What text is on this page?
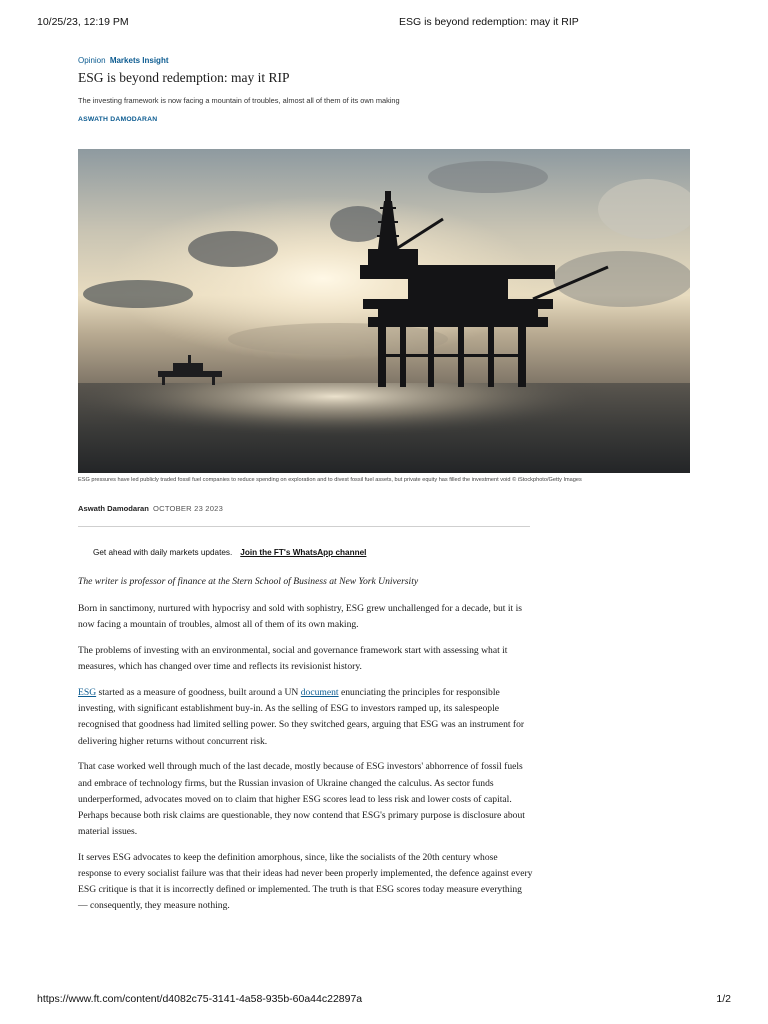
10/25/23, 12:19 PM	ESG is beyond redemption: may it RIP
Opinion Markets Insight
ESG is beyond redemption: may it RIP
The investing framework is now facing a mountain of troubles, almost all of them of its own making
ASWATH DAMODARAN
ESG pressures have led publicly traded fossil fuel companies to reduce spending on exploration and to divest fossil fuel assets, but private equity has filled the investment void © iStockphoto/Getty Images
Aswath Damodaran OCTOBER 23 2023
Get ahead with daily markets updates. Join the FT's WhatsApp channel

The writer is professor of finance at the Stern School of Business at New York University

Born in sanctimony, nurtured with hypocrisy and sold with sophistry, ESG grew unchallenged for a decade, but it is now facing a mountain of troubles, almost all of them of its own making.

The problems of investing with an environmental, social and governance framework start with assessing what it measures, which has changed over time and reflects its revisionist history.

ESG started as a measure of goodness, built around a UN document enunciating the principles for responsible investing, with significant establishment buy-in. As the selling of ESG to investors ramped up, its salespeople recognised that goodness had limited selling power. So they switched gears, arguing that ESG was an instrument for delivering higher returns without concurrent risk.

That case worked well through much of the last decade, mostly because of ESG investors' abhorrence of fossil fuels and embrace of technology firms, but the Russian invasion of Ukraine changed the calculus. As sector funds underperformed, advocates moved on to claim that higher ESG scores lead to less risk and lower costs of capital. Perhaps because both risk claims are questionable, they now contend that ESG's primary purpose is disclosure about material issues.

It serves ESG advocates to keep the definition amorphous, since, like the socialists of the 20th century whose response to every socialist failure was that their ideas had never been properly implemented, the defence against every ESG critique is that it is incorrectly defined or implemented. The truth is that ESG scores today measure everything — consequently, they measure nothing.

https://www.ft.com/content/d4082c75-3141-4a58-935b-60a44c22897a	1/2
